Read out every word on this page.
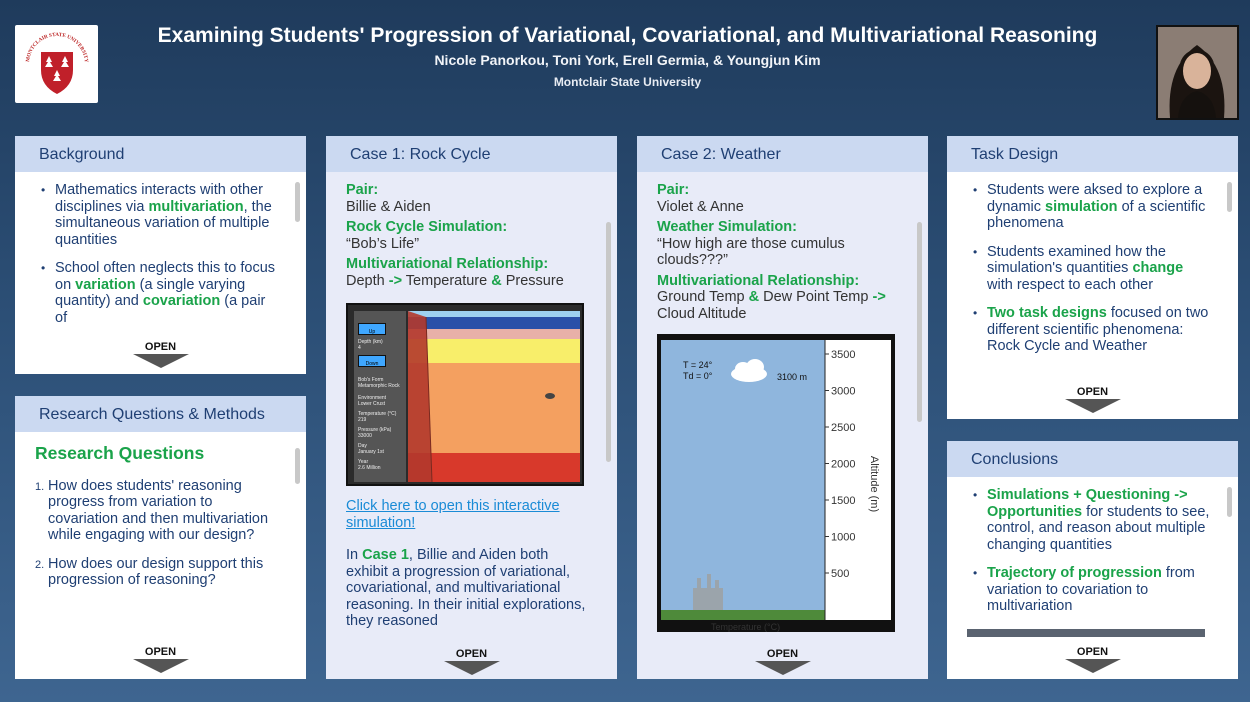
MONTCLAIR STATE UNIVERSITY
Examining Students' Progression of Variational, Covariational, and Multivariational Reasoning
Nicole Panorkou, Toni York, Erell Germia, & Youngjun Kim
Montclair State University
Background
• Mathematics interacts with other disciplines via multivariation, the simultaneous variation of multiple quantities
• School often neglects this to focus on variation (a single varying quantity) and covariation (a pair of
OPEN
Research Questions & Methods
Research Questions
1. How does students' reasoning progress from variation to covariation and then multivariation while engaging with our design?
2. How does our design support this progression of reasoning?
OPEN
Case 1: Rock Cycle
Pair:
Billie & Aiden
Rock Cycle Simulation:
“Bob’s Life”
Multivariational Relationship:
Depth -> Temperature & Pressure
Up
Depth (km)
4
Down
Bob's Form
Metamorphic Rock
Environment
Lower Crust
Temperature (°C)
219
Pressure (kPa)
33000
Day
January 1st
Year
2.6 Million
Click here to open this interactive simulation!
In Case 1, Billie and Aiden both exhibit a progression of variational, covariational, and multivariational reasoning. In their initial explorations, they reasoned
OPEN
Case 2: Weather
Pair:
Violet & Anne
Weather Simulation:
“How high are those cumulus clouds???”
Multivariational Relationship:
Ground Temp & Dew Point Temp ->
Cloud Altitude
T = 24°
Td = 0°	3100 m
3500
3000
2500
2000
1500
1000
500
Altitude (m)
Temperature (°C)
OPEN
Task Design
• Students were aksed to explore a dynamic simulation of a scientific phenomena
• Students examined how the simulation's quantities change with respect to each other
• Two task designs focused on two different scientific phenomena: Rock Cycle and Weather
OPEN
Conclusions
• Simulations + Questioning -> Opportunities for students to see, control, and reason about multiple changing quantities
• Trajectory of progression from variation to covariation to multivariation
OPEN
